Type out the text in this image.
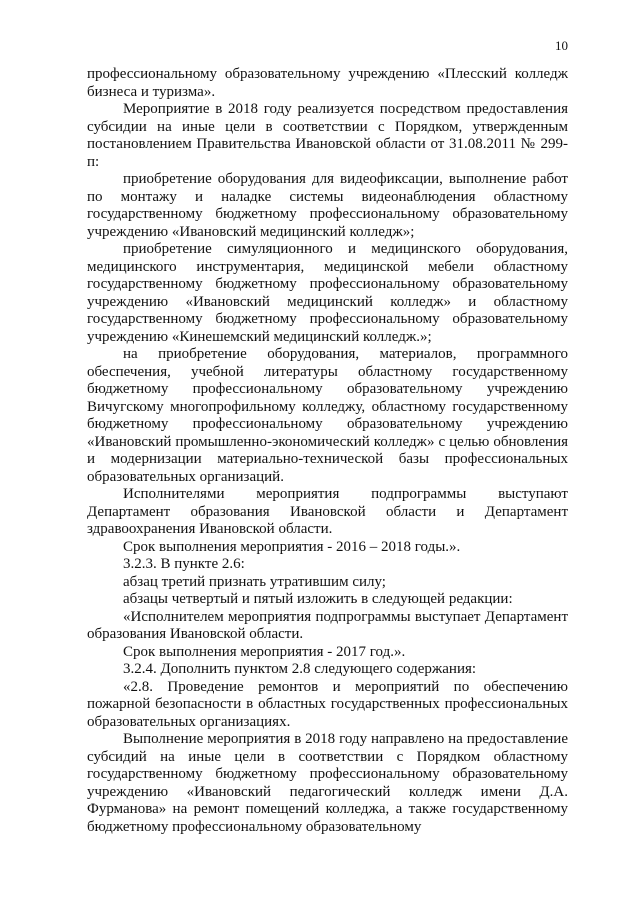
10

профессиональному образовательному учреждению «Плесский колледж бизнеса и туризма».

Мероприятие в 2018 году реализуется посредством предоставления субсидии на иные цели в соответствии с Порядком, утвержденным постановлением Правительства Ивановской области от 31.08.2011 № 299-п:

приобретение оборудования для видеофиксации, выполнение работ по монтажу и наладке системы видеонаблюдения областному государственному бюджетному профессиональному образовательному учреждению «Ивановский медицинский колледж»;

приобретение симуляционного и медицинского оборудования, медицинского инструментария, медицинской мебели областному государственному бюджетному профессиональному образовательному учреждению «Ивановский медицинский колледж» и областному государственному бюджетному профессиональному образовательному учреждению «Кинешемский медицинский колледж.»;

на приобретение оборудования, материалов, программного обеспечения, учебной литературы областному государственному бюджетному профессиональному образовательному учреждению Вичугскому многопрофильному колледжу, областному государственному бюджетному профессиональному образовательному учреждению «Ивановский промышленно-экономический колледж» с целью обновления и модернизации материально-технической базы профессиональных образовательных организаций.

Исполнителями мероприятия подпрограммы выступают Департамент образования Ивановской области и Департамент здравоохранения Ивановской области.

Срок выполнения мероприятия - 2016 – 2018 годы.».

3.2.3. В пункте 2.6:

абзац третий признать утратившим силу;

абзацы четвертый и пятый изложить в следующей редакции:

«Исполнителем мероприятия подпрограммы выступает Департамент образования Ивановской области.

Срок выполнения мероприятия - 2017 год.».

3.2.4. Дополнить пунктом 2.8 следующего содержания:

«2.8. Проведение ремонтов и мероприятий по обеспечению пожарной безопасности в областных государственных профессиональных образовательных организациях.

Выполнение мероприятия в 2018 году направлено на предоставление субсидий на иные цели в соответствии с Порядком областному государственному бюджетному профессиональному образовательному учреждению «Ивановский педагогический колледж имени Д.А. Фурманова» на ремонт помещений колледжа, а также государственному бюджетному профессиональному образовательному
